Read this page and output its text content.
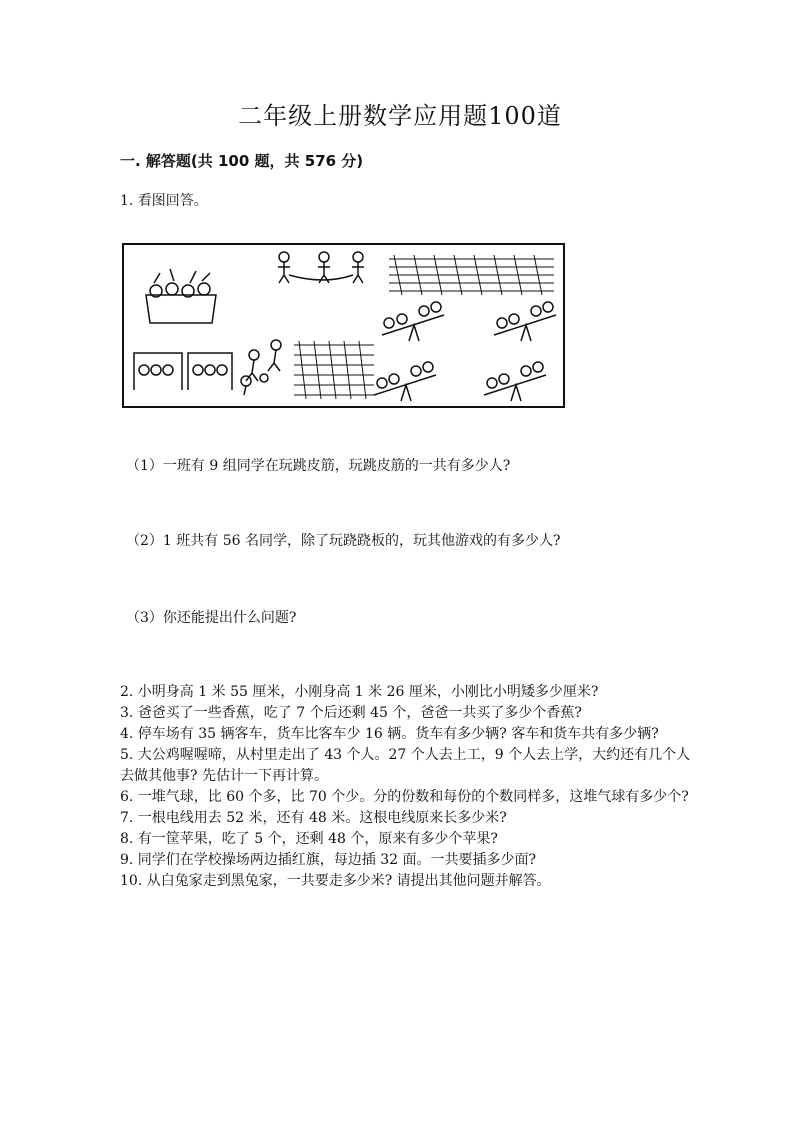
二年级上册数学应用题100道
一. 解答题(共 100 题，共 576 分)
1. 看图回答。
（1）一班有 9 组同学在玩跳皮筋，玩跳皮筋的一共有多少人?
（2）1 班共有 56 名同学，除了玩跷跷板的，玩其他游戏的有多少人?
（3）你还能提出什么问题?

2. 小明身高 1 米 55 厘米，小刚身高 1 米 26 厘米，小刚比小明矮多少厘米?

3. 爸爸买了一些香蕉，吃了 7 个后还剩 45 个，爸爸一共买了多少个香蕉?

4. 停车场有 35 辆客车，货车比客车少 16 辆。货车有多少辆? 客车和货车共有多少辆?

5. 大公鸡喔喔啼，从村里走出了 43 个人。27 个人去上工，9 个人去上学，大约还有几个人去做其他事? 先估计一下再计算。

6. 一堆气球，比 60 个多，比 70 个少。分的份数和每份的个数同样多，这堆气球有多少个?

7. 一根电线用去 52 米，还有 48 米。这根电线原来长多少米?

8. 有一筐苹果，吃了 5 个，还剩 48 个，原来有多少个苹果?

9. 同学们在学校操场两边插红旗，每边插 32 面。一共要插多少面?

10. 从白兔家走到黑兔家，一共要走多少米? 请提出其他问题并解答。
